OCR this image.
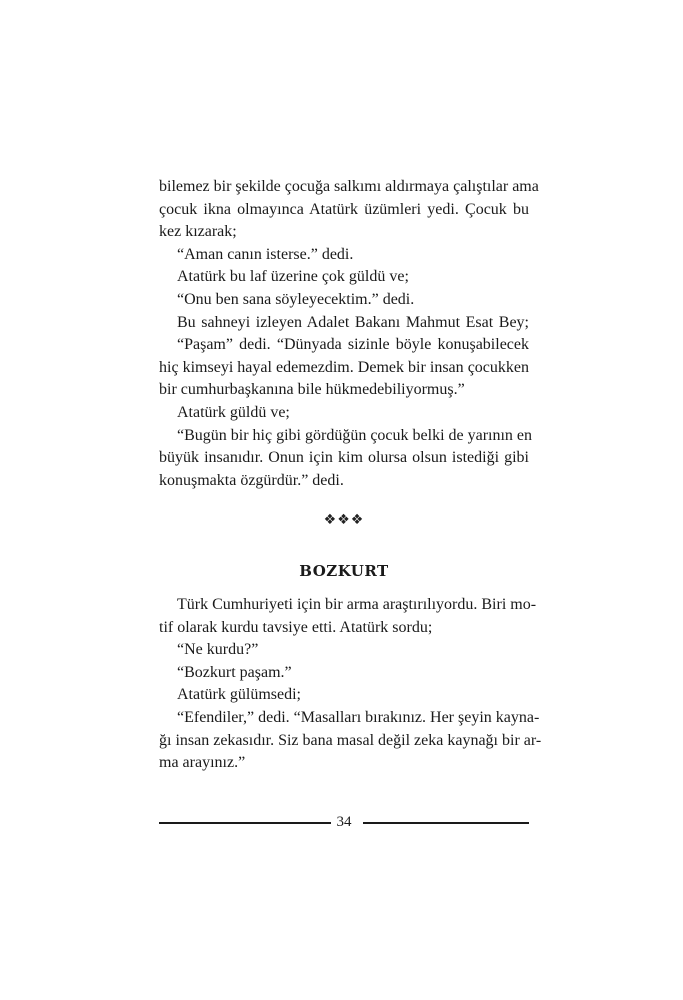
bilemez bir şekilde çocuğa salkımı aldırmaya çalıştılar ama
çocuk ikna olmayınca Atatürk üzümleri yedi. Çocuk bu
kez kızarak;
“Aman canın isterse.” dedi.
Atatürk bu laf üzerine çok güldü ve;
“Onu ben sana söyleyecektim.” dedi.
Bu sahneyi izleyen Adalet Bakanı Mahmut Esat Bey;
“Paşam” dedi. “Dünyada sizinle böyle konuşabilecek
hiç kimseyi hayal edemezdim. Demek bir insan çocukken
bir cumhurbaşkanına bile hükmedebiliyormuş.”
Atatürk güldü ve;
“Bugün bir hiç gibi gördüğün çocuk belki de yarının en
büyük insanıdır. Onun için kim olursa olsun istediği gibi
konuşmakta özgürdür.” dedi.
❖❖❖
BOZKURT
Türk Cumhuriyeti için bir arma araştırılıyordu. Biri mo-
tif olarak kurdu tavsiye etti. Atatürk sordu;
“Ne kurdu?”
“Bozkurt paşam.”
Atatürk gülümsedi;
“Efendiler,” dedi. “Masalları bırakınız. Her şeyin kayna-
ğı insan zekasıdır. Siz bana masal değil zeka kaynağı bir ar-
ma arayınız.”
34
